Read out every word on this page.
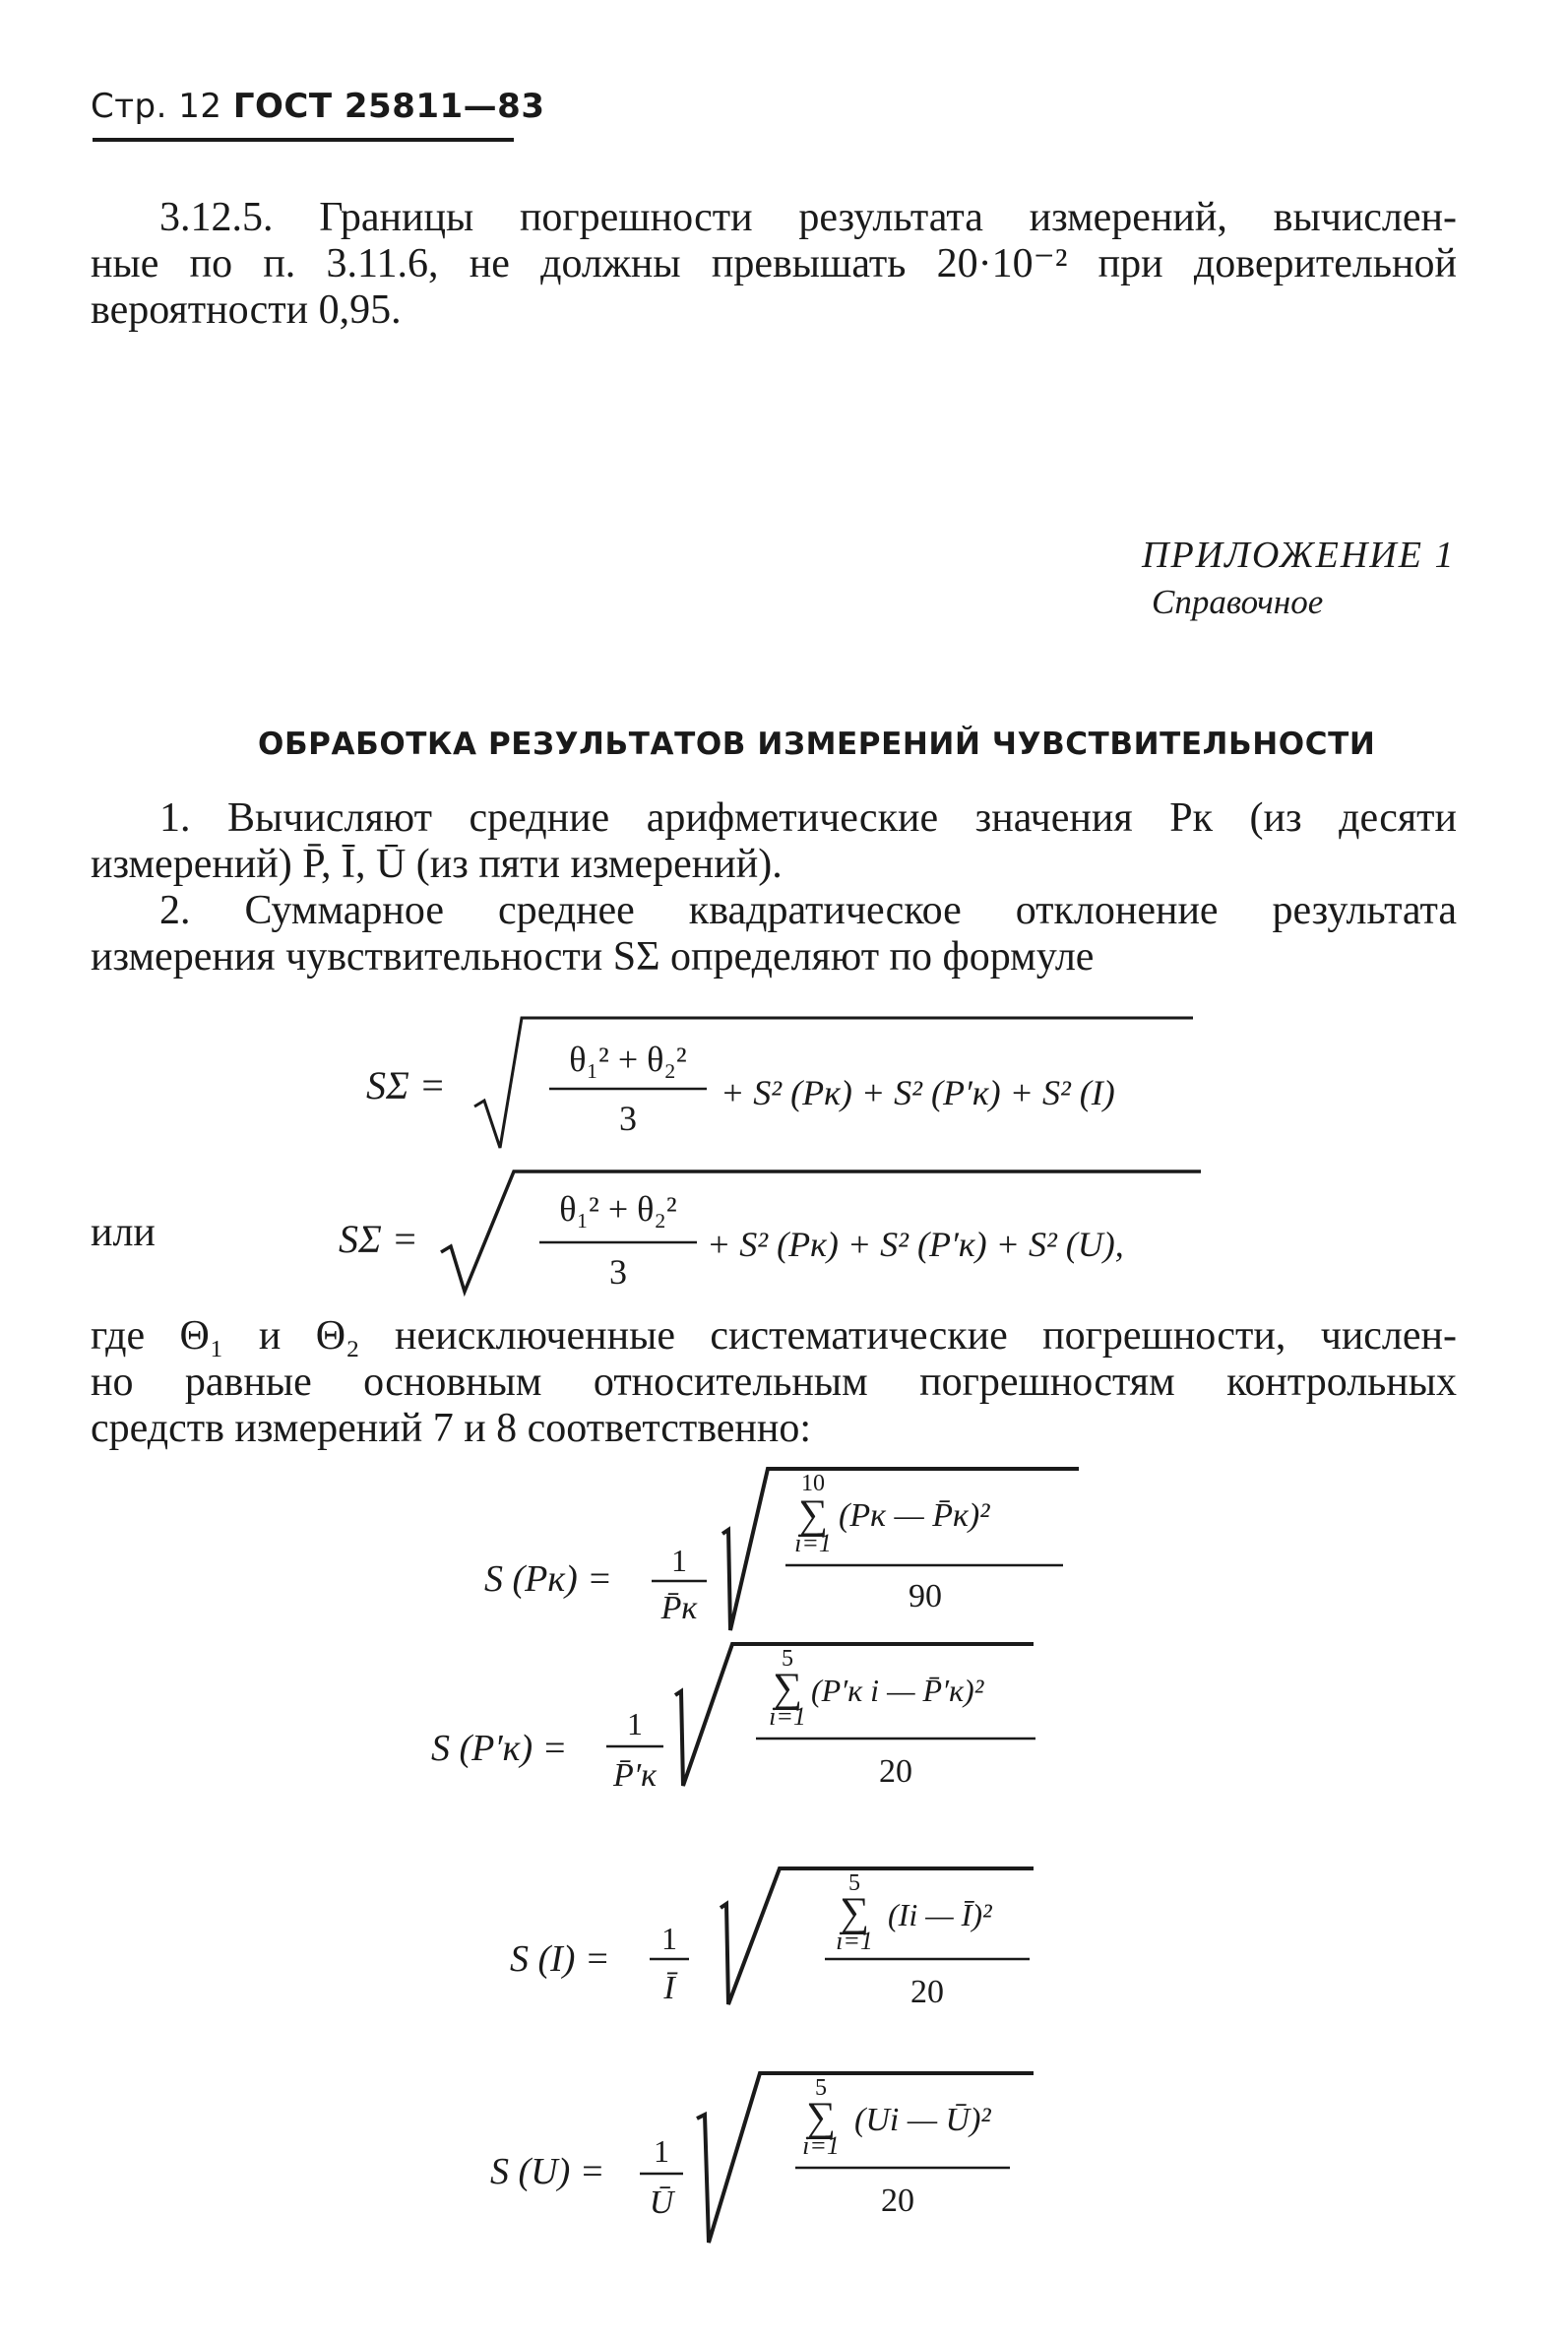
Стр. 12 ГОСТ 25811—83
3.12.5. Границы погрешности результата измерений, вычислен-
ные по п. 3.11.6, не должны превышать 20·10⁻² при доверительной
вероятности 0,95.
ПРИЛОЖЕНИЕ 1
Справочное
ОБРАБОТКА РЕЗУЛЬТАТОВ ИЗМЕРЕНИЙ ЧУВСТВИТЕЛЬНОСТИ
1. Вычисляют средние арифметические значения Pк (из десяти
измерений) P̄, Ī, Ū (из пяти измерений).
2. Суммарное среднее квадратическое отклонение результата
измерения чувствительности SΣ определяют по формуле
SΣ =
θ₁² + θ₂²
3
+ S² (Pк) + S² (P′к) + S² (I)
или	SΣ =
θ₁² + θ₂²
3
+ S² (Pк) + S² (P′к) + S² (U),
где Θ₁ и Θ₂ неисключенные систематические погрешности, числен-
но равные основным относительным погрешностям контрольных
средств измерений 7 и 8 соответственно:
S (Pк) = 1
P̄к
10
∑
i=1
(Pк — P̄к)²
90
S (P′к) =
1
P̄′к
5
∑
i=1
(P′к i — P̄′к)²
20
S (I) = 1
Ī
5
∑
i=1
(Ii — Ī)²
20
S (U) = 1
Ū
5
∑
i=1
(Ui — Ū)²
20
